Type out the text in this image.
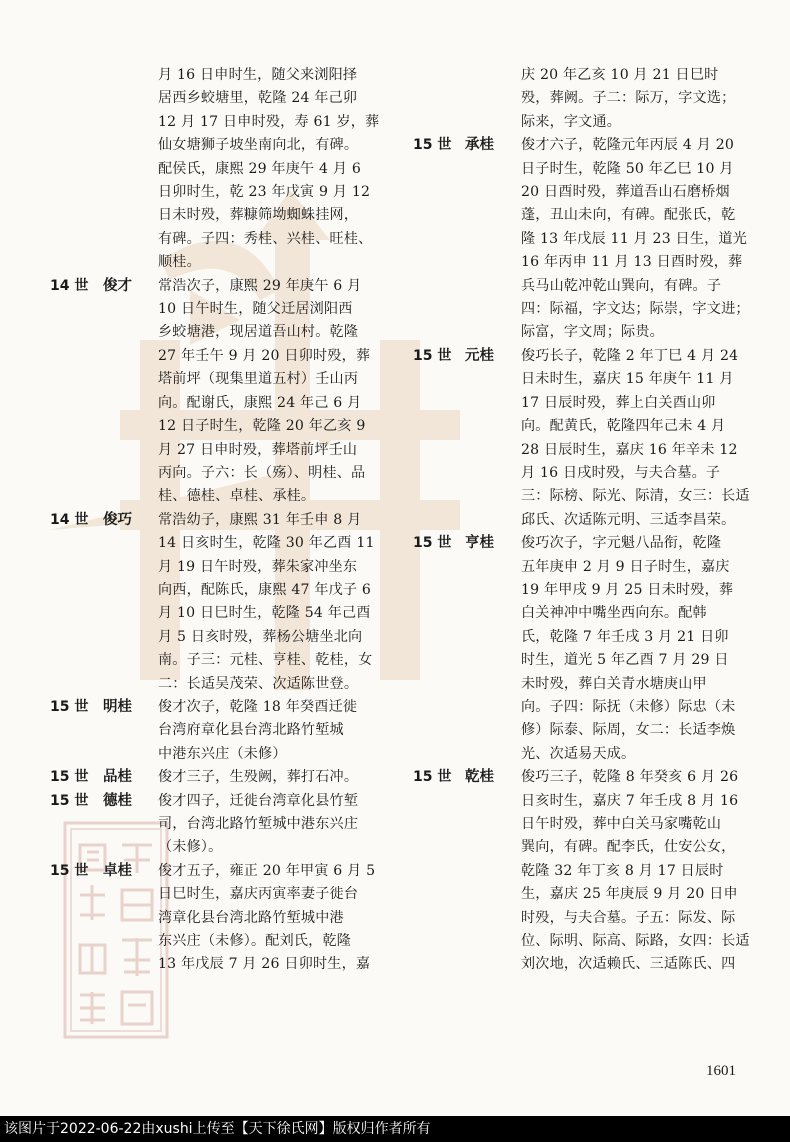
月 16 日申时生，随父来浏阳择
居西乡蛟塘里，乾隆 24 年己卯
12 月 17 日申时殁，寿 61 岁，葬
仙女塘狮子坡坐南向北，有碑。
配侯氏，康熙 29 年庚午 4 月 6
日卯时生，乾 23 年戊寅 9 月 12
日未时殁，葬糠筛坳蜘蛛挂网，
有碑。子四：秀桂、兴桂、旺桂、
顺桂。
14 世	俊才	常浩次子，康熙 29 年庚午 6 月
10 日午时生，随父迁居浏阳西
乡蛟塘港，现居道吾山村。乾隆
27 年壬午 9 月 20 日卯时殁，葬
塔前坪（现集里道五村）壬山丙
向。配谢氏，康熙 24 年己 6 月
12 日子时生，乾隆 20 年乙亥 9
月 27 日申时殁，葬塔前坪壬山
丙向。子六：长（殇）、明桂、品
桂、德桂、卓桂、承桂。
14 世	俊巧	常浩幼子，康熙 31 年壬申 8 月
14 日亥时生，乾隆 30 年乙酉 11
月 19 日午时殁，葬朱家冲坐东
向西，配陈氏，康熙 47 年戊子 6
月 10 日巳时生，乾隆 54 年己酉
月 5 日亥时殁，葬杨公塘坐北向
南。子三：元桂、亨桂、乾桂，女
二：长适吴茂荣、次适陈世登。
15 世	明桂	俊才次子，乾隆 18 年癸酉迁徙
台湾府章化县台湾北路竹堑城
中港东兴庄（未修）
15 世	品桂	俊才三子，生殁阙，葬打石冲。
15 世	德桂	俊才四子，迁徙台湾章化县竹堑
司，台湾北路竹堑城中港东兴庄
（未修）。
15 世	卓桂	俊才五子，雍正 20 年甲寅 6 月 5
日巳时生，嘉庆丙寅率妻子徙台
湾章化县台湾北路竹堑城中港
东兴庄（未修）。配刘氏，乾隆
13 年戊辰 7 月 26 日卯时生，嘉
庆 20 年乙亥 10 月 21 日巳时
殁，葬阙。子二：际万，字文选；
际来，字文通。
15 世 承桂	俊才六子，乾隆元年丙辰 4 月 20
日子时生，乾隆 50 年乙巳 10 月
20 日酉时殁，葬道吾山石磨桥烟
蓬，丑山未向，有碑。配张氏，乾
隆 13 年戊辰 11 月 23 日生，道光
16 年丙申 11 月 13 日酉时殁，葬
兵马山乾冲乾山巽向，有碑。子
四：际福，字文达；际崇，字文进；
际富，字文周；际贵。
15 世 元桂	俊巧长子，乾隆 2 年丁巳 4 月 24
日未时生，嘉庆 15 年庚午 11 月
17 日辰时殁，葬上白关酉山卯
向。配黄氏，乾隆四年己未 4 月
28 日辰时生，嘉庆 16 年辛未 12
月 16 日戌时殁，与夫合墓。子
三：际榜、际光、际清，女三：长适
邱氏、次适陈元明、三适李昌荣。
15 世 亨桂	俊巧次子，字元魁八品衔，乾隆
五年庚申 2 月 9 日子时生，嘉庆
19 年甲戌 9 月 25 日未时殁，葬
白关神冲中嘴坐西向东。配韩
氏，乾隆 7 年壬戌 3 月 21 日卯
时生，道光 5 年乙酉 7 月 29 日
未时殁，葬白关青水塘庚山甲
向。子四：际抚（未修）际忠（未
修）际泰、际周，女二：长适李焕
光、次适易天成。
15 世 乾桂	俊巧三子，乾隆 8 年癸亥 6 月 26
日亥时生，嘉庆 7 年壬戌 8 月 16
日午时殁，葬中白关马家嘴乾山
巽向，有碑。配李氏，仕安公女，
乾隆 32 年丁亥 8 月 17 日辰时
生，嘉庆 25 年庚辰 9 月 20 日申
时殁，与夫合墓。子五：际发、际
位、际明、际高、际路，女四：长适
刘次地，次适赖氏、三适陈氏、四
1601
该图片于2022-06-22由xushi上传至【天下徐氏网】版权归作者所有
